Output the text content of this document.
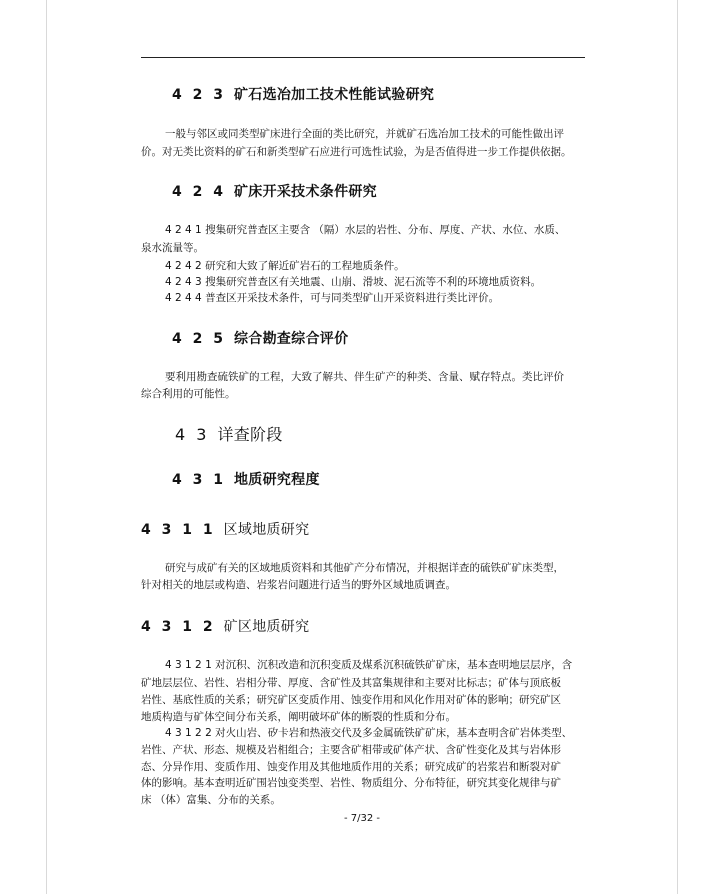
4 2 3 矿石选冶加工技术性能试验研究
一般与邻区或同类型矿床进行全面的类比研究，并就矿石选冶加工技术的可能性做出评
价。对无类比资料的矿石和新类型矿石应进行可选性试验，为是否值得进一步工作提供依据。
4 2 4 矿床开采技术条件研究
4 2 4 1 搜集研究普查区主要含 （隔）水层的岩性、分布、厚度、产状、水位、水质、
泉水流量等。
4 2 4 2 研究和大致了解近矿岩石的工程地质条件。
4 2 4 3 搜集研究普查区有关地震、山崩、滑坡、泥石流等不利的环境地质资料。
4 2 4 4 普查区开采技术条件，可与同类型矿山开采资料进行类比评价。
4 2 5 综合勘查综合评价
要利用勘查硫铁矿的工程，大致了解共、伴生矿产的种类、含量、赋存特点。类比评价
综合利用的可能性。
4 3 详查阶段
4 3 1 地质研究程度
4 3 1 1 区域地质研究
研究与成矿有关的区域地质资料和其他矿产分布情况，并根据详查的硫铁矿矿床类型，
针对相关的地层或构造、岩浆岩问题进行适当的野外区域地质调查。
4 3 1 2 矿区地质研究
4 3 1 2 1 对沉积、沉积改造和沉积变质及煤系沉积硫铁矿矿床，基本查明地层层序，含
矿地层层位、岩性、岩相分带、厚度、含矿性及其富集规律和主要对比标志；矿体与顶底板
岩性、基底性质的关系；研究矿区变质作用、蚀变作用和风化作用对矿体的影响；研究矿区
地质构造与矿体空间分布关系，阐明破坏矿体的断裂的性质和分布。
4 3 1 2 2 对火山岩、矽卡岩和热液交代及多金属硫铁矿矿床，基本查明含矿岩体类型、
岩性、产状、形态、规模及岩相组合；主要含矿相带或矿体产状、含矿性变化及其与岩体形
态、分异作用、变质作用、蚀变作用及其他地质作用的关系；研究成矿的岩浆岩和断裂对矿
体的影响。基本查明近矿围岩蚀变类型、岩性、物质组分、分布特征，研究其变化规律与矿
床 （体）富集、分布的关系。
- 7/32 -
